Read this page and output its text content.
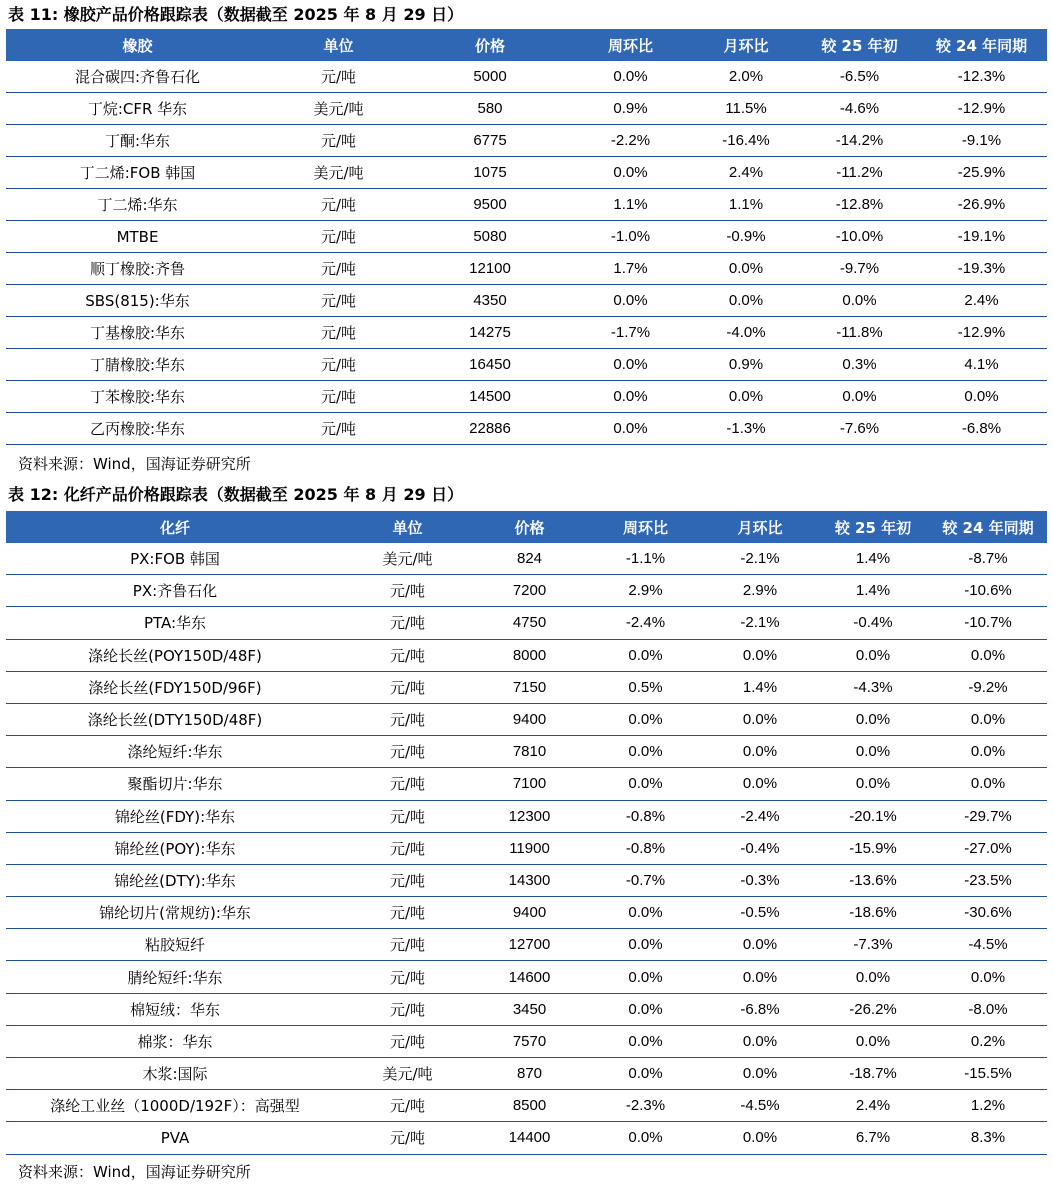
表 11: 橡胶产品价格跟踪表（数据截至 2025 年 8 月 29 日）
橡胶	单位	价格	周环比	月环比	较 25 年初	较 24 年同期
混合碳四:齐鲁石化	元/吨	5000	0.0%	2.0%	-6.5%	-12.3%
丁烷:CFR 华东	美元/吨	580	0.9%	11.5%	-4.6%	-12.9%
丁酮:华东	元/吨	6775	-2.2%	-16.4%	-14.2%	-9.1%
丁二烯:FOB 韩国	美元/吨	1075	0.0%	2.4%	-11.2%	-25.9%
丁二烯:华东	元/吨	9500	1.1%	1.1%	-12.8%	-26.9%
MTBE	元/吨	5080	-1.0%	-0.9%	-10.0%	-19.1%
顺丁橡胶:齐鲁	元/吨	12100	1.7%	0.0%	-9.7%	-19.3%
SBS(815):华东	元/吨	4350	0.0%	0.0%	0.0%	2.4%
丁基橡胶:华东	元/吨	14275	-1.7%	-4.0%	-11.8%	-12.9%
丁腈橡胶:华东	元/吨	16450	0.0%	0.9%	0.3%	4.1%
丁苯橡胶:华东	元/吨	14500	0.0%	0.0%	0.0%	0.0%
乙丙橡胶:华东	元/吨	22886	0.0%	-1.3%	-7.6%	-6.8%
资料来源：Wind，国海证券研究所
表 12: 化纤产品价格跟踪表（数据截至 2025 年 8 月 29 日）
化纤	单位	价格	周环比	月环比	较 25 年初	较 24 年同期
PX:FOB 韩国	美元/吨	824	-1.1%	-2.1%	1.4%	-8.7%
PX:齐鲁石化	元/吨	7200	2.9%	2.9%	1.4%	-10.6%
PTA:华东	元/吨	4750	-2.4%	-2.1%	-0.4%	-10.7%
涤纶长丝(POY150D/48F)	元/吨	8000	0.0%	0.0%	0.0%	0.0%
涤纶长丝(FDY150D/96F)	元/吨	7150	0.5%	1.4%	-4.3%	-9.2%
涤纶长丝(DTY150D/48F)	元/吨	9400	0.0%	0.0%	0.0%	0.0%
涤纶短纤:华东	元/吨	7810	0.0%	0.0%	0.0%	0.0%
聚酯切片:华东	元/吨	7100	0.0%	0.0%	0.0%	0.0%
锦纶丝(FDY):华东	元/吨	12300	-0.8%	-2.4%	-20.1%	-29.7%
锦纶丝(POY):华东	元/吨	11900	-0.8%	-0.4%	-15.9%	-27.0%
锦纶丝(DTY):华东	元/吨	14300	-0.7%	-0.3%	-13.6%	-23.5%
锦纶切片(常规纺):华东	元/吨	9400	0.0%	-0.5%	-18.6%	-30.6%
粘胶短纤	元/吨	12700	0.0%	0.0%	-7.3%	-4.5%
腈纶短纤:华东	元/吨	14600	0.0%	0.0%	0.0%	0.0%
棉短绒：华东	元/吨	3450	0.0%	-6.8%	-26.2%	-8.0%
棉浆：华东	元/吨	7570	0.0%	0.0%	0.0%	0.2%
木浆:国际	美元/吨	870	0.0%	0.0%	-18.7%	-15.5%
涤纶工业丝（1000D/192F）：高强型	元/吨	8500	-2.3%	-4.5%	2.4%	1.2%
PVA	元/吨	14400	0.0%	0.0%	6.7%	8.3%
资料来源：Wind，国海证券研究所
